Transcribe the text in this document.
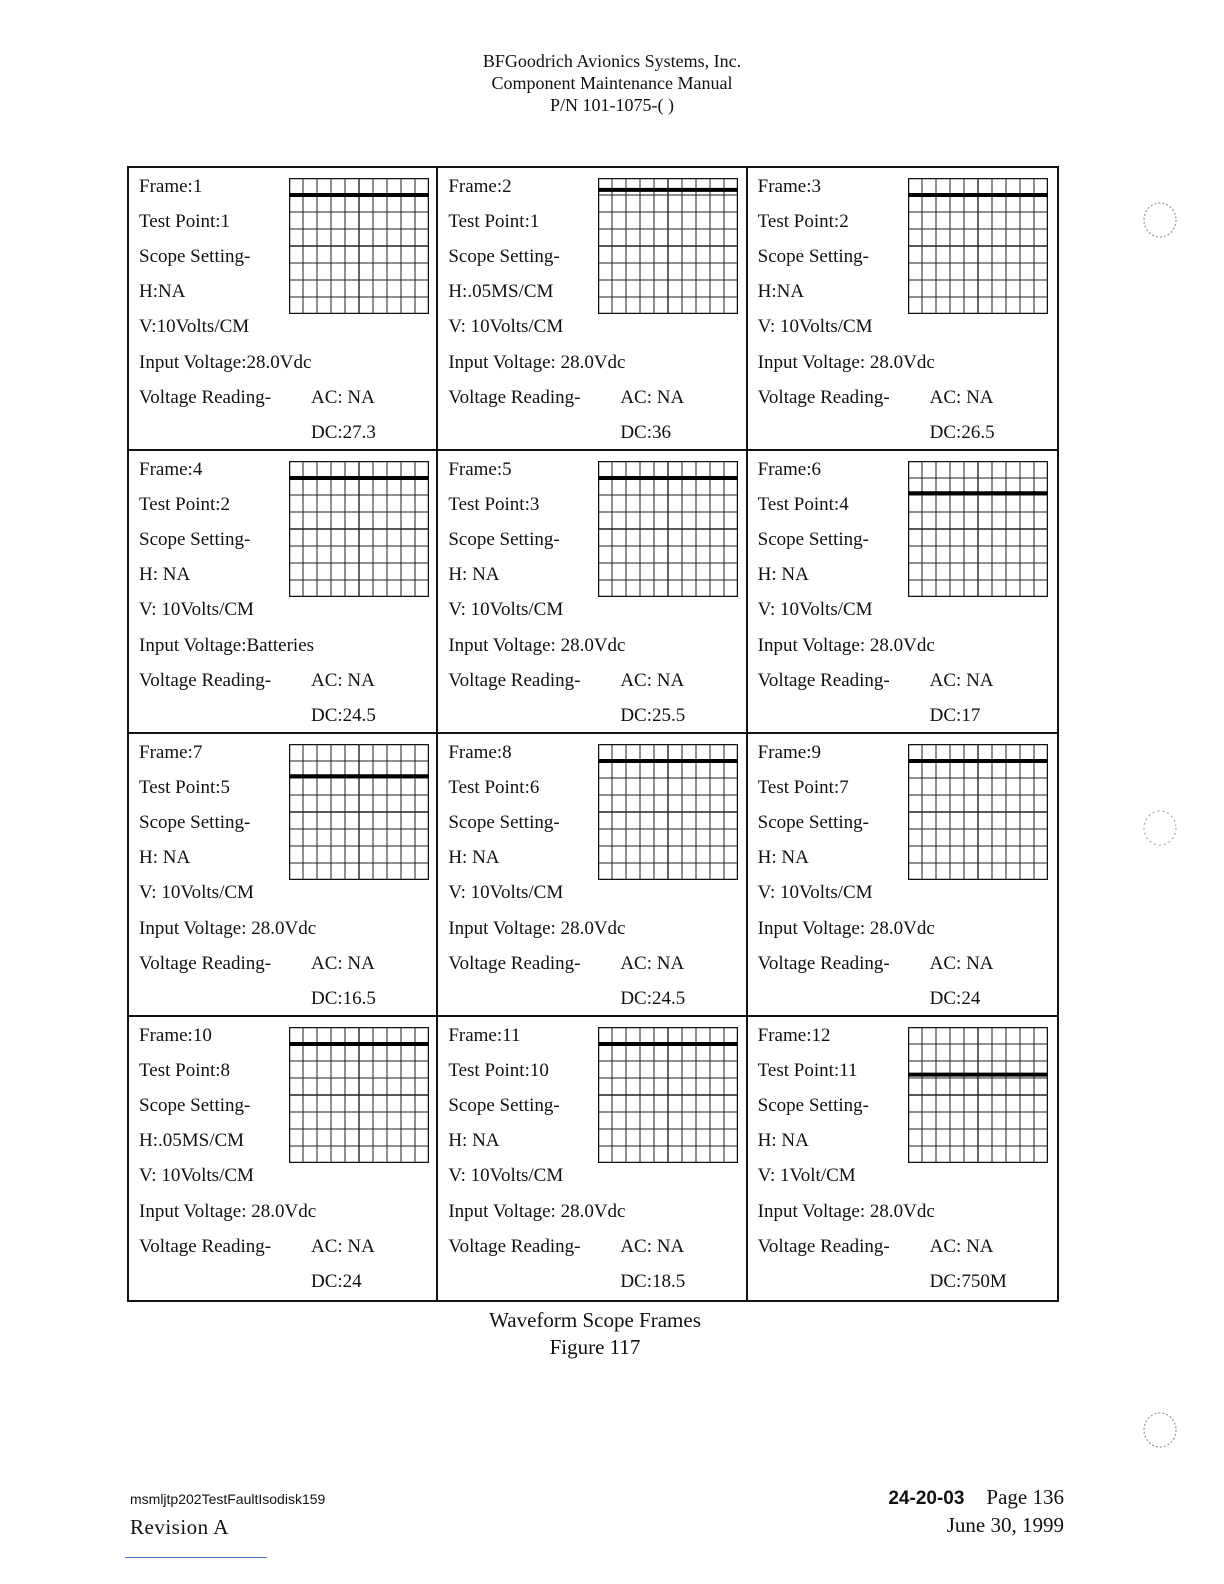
BFGoodrich Avionics Systems, Inc.
Component Maintenance Manual
P/N 101-1075-( )
Frame:1
Test Point:1
Scope Setting-
H:NA
V:10Volts/CM
Input Voltage:28.0Vdc
Voltage Reading- AC: NA
DC:27.3
Frame:2
Test Point:1
Scope Setting-
H:.05MS/CM
V: 10Volts/CM
Input Voltage: 28.0Vdc
Voltage Reading- AC: NA
DC:36
Frame:3
Test Point:2
Scope Setting-
H:NA
V: 10Volts/CM
Input Voltage: 28.0Vdc
Voltage Reading- AC: NA
DC:26.5
Frame:4
Test Point:2
Scope Setting-
H: NA
V: 10Volts/CM
Input Voltage:Batteries
Voltage Reading- AC: NA
DC:24.5
Frame:5
Test Point:3
Scope Setting-
H: NA
V: 10Volts/CM
Input Voltage: 28.0Vdc
Voltage Reading- AC: NA
DC:25.5
Frame:6
Test Point:4
Scope Setting-
H: NA
V: 10Volts/CM
Input Voltage: 28.0Vdc
Voltage Reading- AC: NA
DC:17
Frame:7
Test Point:5
Scope Setting-
H: NA
V: 10Volts/CM
Input Voltage: 28.0Vdc
Voltage Reading- AC: NA
DC:16.5
Frame:8
Test Point:6
Scope Setting-
H: NA
V: 10Volts/CM
Input Voltage: 28.0Vdc
Voltage Reading- AC: NA
DC:24.5
Frame:9
Test Point:7
Scope Setting-
H: NA
V: 10Volts/CM
Input Voltage: 28.0Vdc
Voltage Reading- AC: NA
DC:24
Frame:10
Test Point:8
Scope Setting-
H:.05MS/CM
V: 10Volts/CM
Input Voltage: 28.0Vdc
Voltage Reading- AC: NA
DC:24
Frame:11
Test Point:10
Scope Setting-
H: NA
V: 10Volts/CM
Input Voltage: 28.0Vdc
Voltage Reading- AC: NA
DC:18.5
Frame:12
Test Point:11
Scope Setting-
H: NA
V: 1Volt/CM
Input Voltage: 28.0Vdc
Voltage Reading- AC: NA
DC:750M
Waveform Scope Frames
Figure 117
msmljtp202TestFaultIsodisk159
Revision A
24-20-03 Page 136
June 30, 1999
